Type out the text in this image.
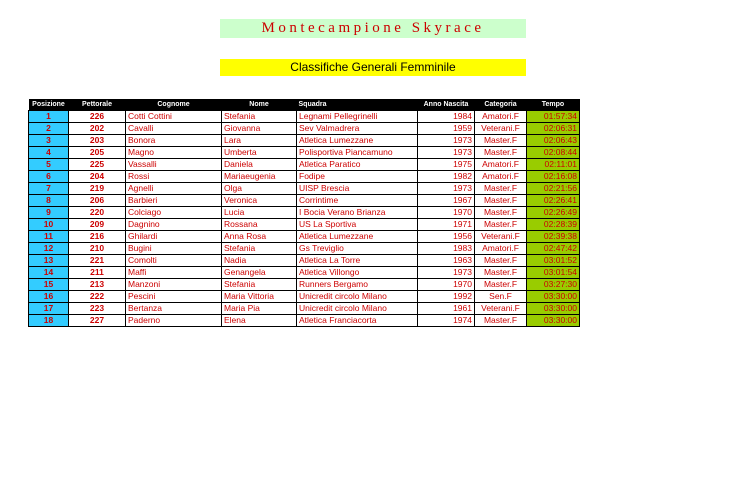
Montecampione Skyrace
Classifiche Generali Femminile
Posizione	Pettorale	Cognome	Nome	Squadra	Anno Nascita	Categoria	Tempo
1	226	Cotti Cottini	Stefania	Legnami Pellegrinelli	1984	Amatori.F	01:57:34
2	202	Cavalli	Giovanna	Sev Valmadrera	1959	Veterani.F	02:06:31
3	203	Bonora	Lara	Atletica Lumezzane	1973	Master.F	02:06:43
4	205	Magno	Umberta	Polisportiva Piancamuno	1973	Master.F	02:08:44
5	225	Vassalli	Daniela	Atletica Paratico	1975	Amatori.F	02:11:01
6	204	Rossi	Mariaeugenia	Fodipe	1982	Amatori.F	02:16:08
7	219	Agnelli	Olga	UISP Brescia	1973	Master.F	02:21:56
8	206	Barbieri	Veronica	Corrintime	1967	Master.F	02:26:41
9	220	Colciago	Lucia	I Bocia Verano Brianza	1970	Master.F	02:26:49
10	209	Dagnino	Rossana	US La Sportiva	1971	Master.F	02:28:39
11	216	Ghilardi	Anna Rosa	Atletica Lumezzane	1956	Veterani.F	02:39:38
12	210	Bugini	Stefania	Gs Treviglio	1983	Amatori.F	02:47:42
13	221	Comolti	Nadia	Atletica La Torre	1963	Master.F	03:01:52
14	211	Maffi	Genangela	Atletica Villongo	1973	Master.F	03:01:54
15	213	Manzoni	Stefania	Runners Bergamo	1970	Master.F	03:27:30
16	222	Pescini	Maria Vittoria	Unicredit circolo Milano	1992	Sen.F	03:30:00
17	223	Bertanza	Maria Pia	Unicredit circolo Milano	1961	Veterani.F	03:30:00
18	227	Paderno	Elena	Atletica Franciacorta	1974	Master.F	03:30:00
